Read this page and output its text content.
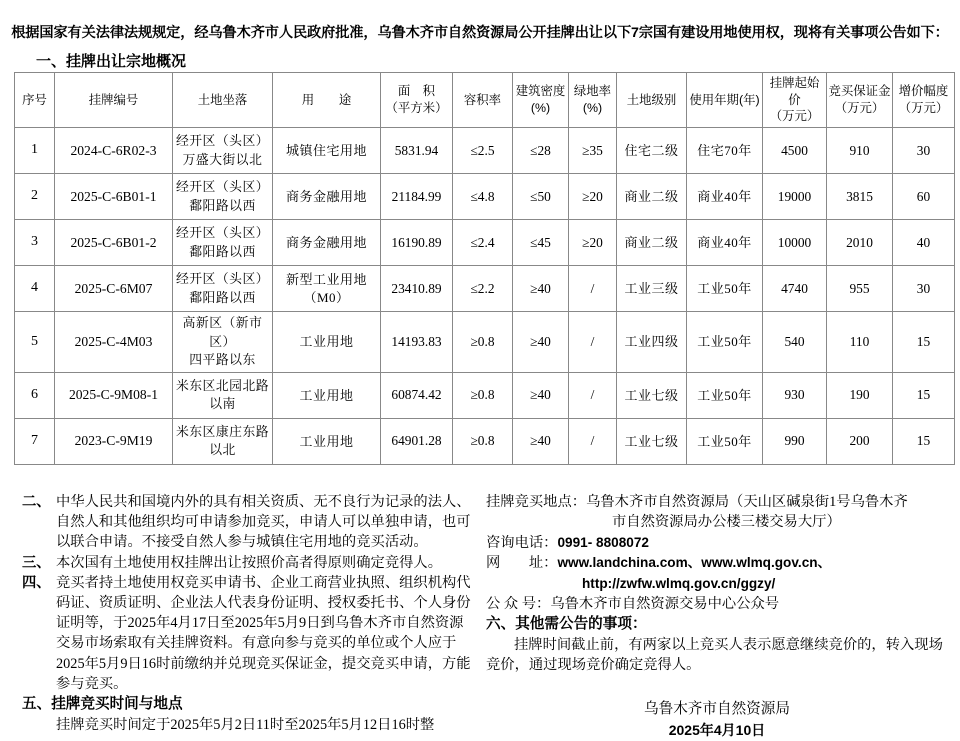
根据国家有关法律法规规定，经乌鲁木齐市人民政府批准，乌鲁木齐市自然资源局公开挂牌出让以下7宗国有建设用地使用权，现将有关事项公告如下：
一、挂牌出让宗地概况
序号	挂牌编号	土地坐落	用　　途	面　积
（平方米）	容积率	建筑密度
(%)	绿地率
(%)	土地级别	使用年期(年)	挂牌起始价
（万元）	竞买保证金
（万元）	增价幅度
（万元）

1	2024-C-6R02-3	经开区（头区）
万盛大街以北	城镇住宅用地	5831.94	≤2.5	≤28	≥35	住宅二级	住宅70年	4500	910	30
2	2025-C-6B01-1	经开区（头区）
鄱阳路以西	商务金融用地	21184.99	≤4.8	≤50	≥20	商业二级	商业40年	19000	3815	60
3	2025-C-6B01-2	经开区（头区）
鄱阳路以西	商务金融用地	16190.89	≤2.4	≤45	≥20	商业二级	商业40年	10000	2010	40
4	2025-C-6M07	经开区（头区）
鄱阳路以西	新型工业用地
（M0）	23410.89	≤2.2	≥40	/	工业三级	工业50年	4740	955	30
5	2025-C-4M03	高新区（新市区）
四平路以东	工业用地	14193.83	≥0.8	≥40	/	工业四级	工业50年	540	110	15
6	2025-C-9M08-1	米东区北园北路
以南	工业用地	60874.42	≥0.8	≥40	/	工业七级	工业50年	930	190	15
7	2023-C-9M19	米东区康庄东路
以北	工业用地	64901.28	≥0.8	≥40	/	工业七级	工业50年	990	200	15

二、 中华人民共和国境内外的具有相关资质、无不良行为记录的法人、自然人和其他组织均可申请参加竞买，申请人可以单独申请，也可以联合申请。不接受自然人参与城镇住宅用地的竞买活动。

三、 本次国有土地使用权挂牌出让按照价高者得原则确定竞得人。

四、 竞买者持土地使用权竞买申请书、企业工商营业执照、组织机构代码证、资质证明、企业法人代表身份证明、授权委托书、个人身份证明等，于2025年4月17日至2025年5月9日到乌鲁木齐市自然资源交易市场索取有关挂牌资料。有意向参与竞买的单位或个人应于2025年5月9日16时前缴纳并兑现竞买保证金，提交竞买申请，方能参与竞买。

五、挂牌竞买时间与地点

挂牌竞买时间定于2025年5月2日11时至2025年5月12日16时整

挂牌竞买地点：乌鲁木齐市自然资源局（天山区碱泉街1号乌鲁木齐

市自然资源局办公楼三楼交易大厅）

咨询电话：0991- 8808072

网　　址：www.landchina.com、www.wlmq.gov.cn、

http://zwfw.wlmq.gov.cn/ggzy/

公 众 号：乌鲁木齐市自然资源交易中心公众号

六、其他需公告的事项：

挂牌时间截止前，有两家以上竞买人表示愿意继续竞价的，转入现场竞价，通过现场竞价确定竞得人。

乌鲁木齐市自然资源局

2025年4月10日
